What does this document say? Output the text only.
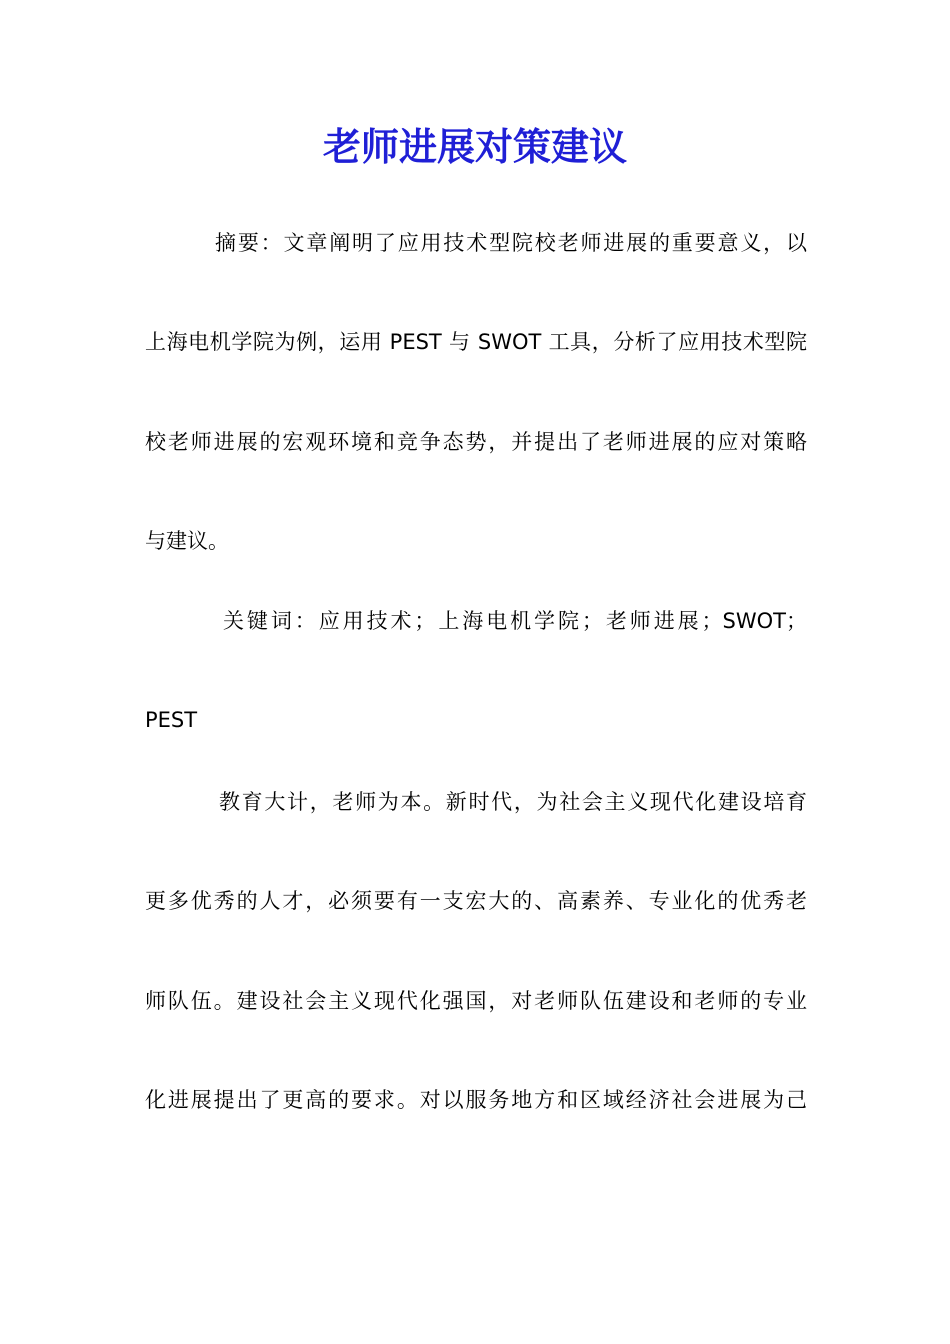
老师进展对策建议
摘要：文章阐明了应用技术型院校老师进展的重要意义，以
上海电机学院为例，运用 PEST 与 SWOT 工具，分析了应用技术型院
校老师进展的宏观环境和竞争态势，并提出了老师进展的应对策略
与建议。
关键词：应用技术；上海电机学院；老师进展；SWOT；
PEST
教育大计，老师为本。新时代，为社会主义现代化建设培育
更多优秀的人才，必须要有一支宏大的、高素养、专业化的优秀老
师队伍。建设社会主义现代化强国，对老师队伍建设和老师的专业
化进展提出了更高的要求。对以服务地方和区域经济社会进展为己
